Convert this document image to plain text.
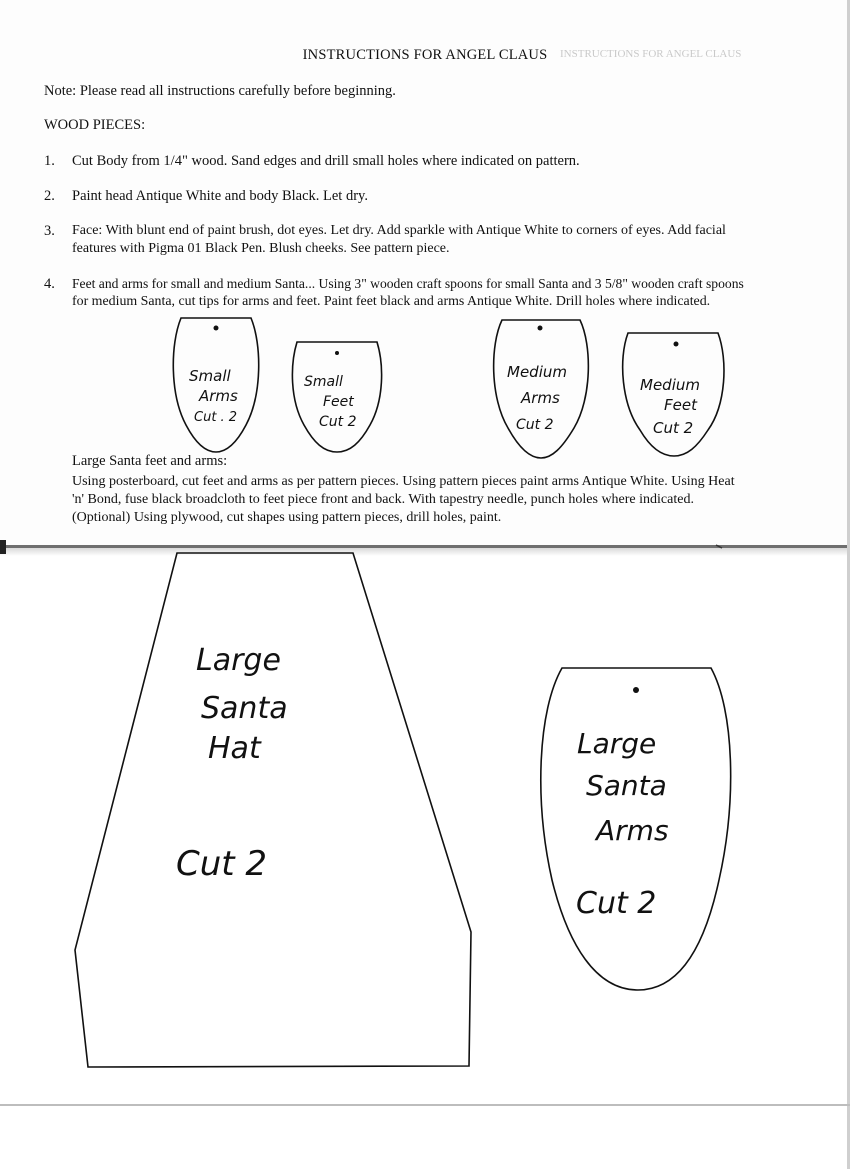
INSTRUCTIONS FOR ANGEL CLAUS
INSTRUCTIONS FOR ANGEL CLAUS
Note: Please read all instructions carefully before beginning.
WOOD PIECES:
1. Cut Body from 1/4" wood. Sand edges and drill small holes where indicated on pattern.
2. Paint head Antique White and body Black. Let dry.
3. Face: With blunt end of paint brush, dot eyes. Let dry. Add sparkle with Antique White to corners of eyes. Add facial
features with Pigma 01 Black Pen. Blush cheeks. See pattern piece.
4. Feet and arms for small and medium Santa... Using 3" wooden craft spoons for small Santa and 3 5/8" wooden craft spoons
for medium Santa, cut tips for arms and feet. Paint feet black and arms Antique White. Drill holes where indicated.
Large Santa feet and arms:
Using posterboard, cut feet and arms as per pattern pieces. Using pattern pieces paint arms Antique White. Using Heat
'n' Bond, fuse black broadcloth to feet piece front and back. With tapestry needle, punch holes where indicated.
(Optional) Using plywood, cut shapes using pattern pieces, drill holes, paint.
Small
Arms
Cut . 2
Small
Feet
Cut 2
Medium
Arms
Cut 2
Medium
Feet
Cut 2
Large
Santa
Hat
Cut 2
Large
Santa
Arms
Cut 2
